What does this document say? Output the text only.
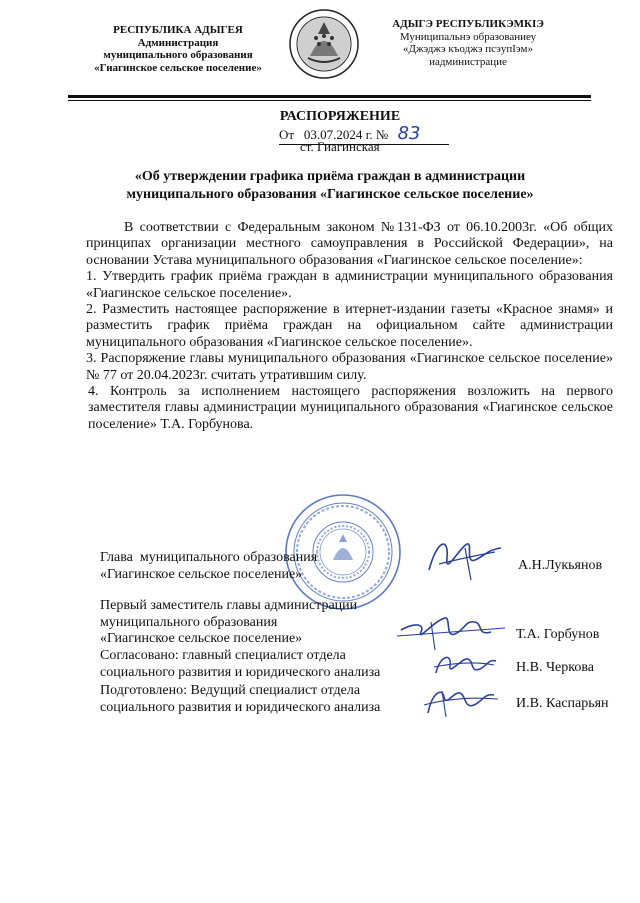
РЕСПУБЛИКА АДЫГЕЯ
Администрация
муниципального образования
«Гиагинское сельское поселение»
АДЫГЭ РЕСПУБЛИКЭМКІЭ
Муниципальнэ образованиеу
«Джэджэ къоджэ псэупІэм»
иадминистрацие
РАСПОРЯЖЕНИЕ
От   03.07.2024 г. № 83
ст. Гиагинская
«Об утверждении графика приёма граждан в администрации
муниципального образования «Гиагинское сельское поселение»

В соответствии с Федеральным законом №131-ФЗ от 06.10.2003г. «Об общих принципах организации местного самоуправления в Российской Федерации», на основании Устава муниципального образования «Гиагинское сельское поселение»:

1. Утвердить график приёма граждан в администрации муниципального образования «Гиагинское сельское поселение».

2. Разместить настоящее распоряжение в итернет-издании газеты «Красное знамя» и разместить график приёма граждан на официальном сайте администрации муниципального образования «Гиагинское сельское поселение».

3. Распоряжение главы муниципального образования «Гиагинское сельское поселение» № 77 от 20.04.2023г. считать утратившим силу.

4. Контроль за исполнением настоящего распоряжения возложить на первого заместителя главы администрации муниципального образования «Гиагинское сельское поселение» Т.А. Горбунова.

Глава  муниципального образования
«Гиагинское сельское поселение»
А.Н.Лукьянов
Первый заместитель главы администрации
муниципального образования
«Гиагинское сельское поселение»	Т.А. Горбунов
Согласовано: главный специалист отдела
социального развития и юридического анализа	Н.В. Черкова
Подготовлено: Ведущий специалист отдела
социального развития и юридического анализа	И.В. Каспарьян
